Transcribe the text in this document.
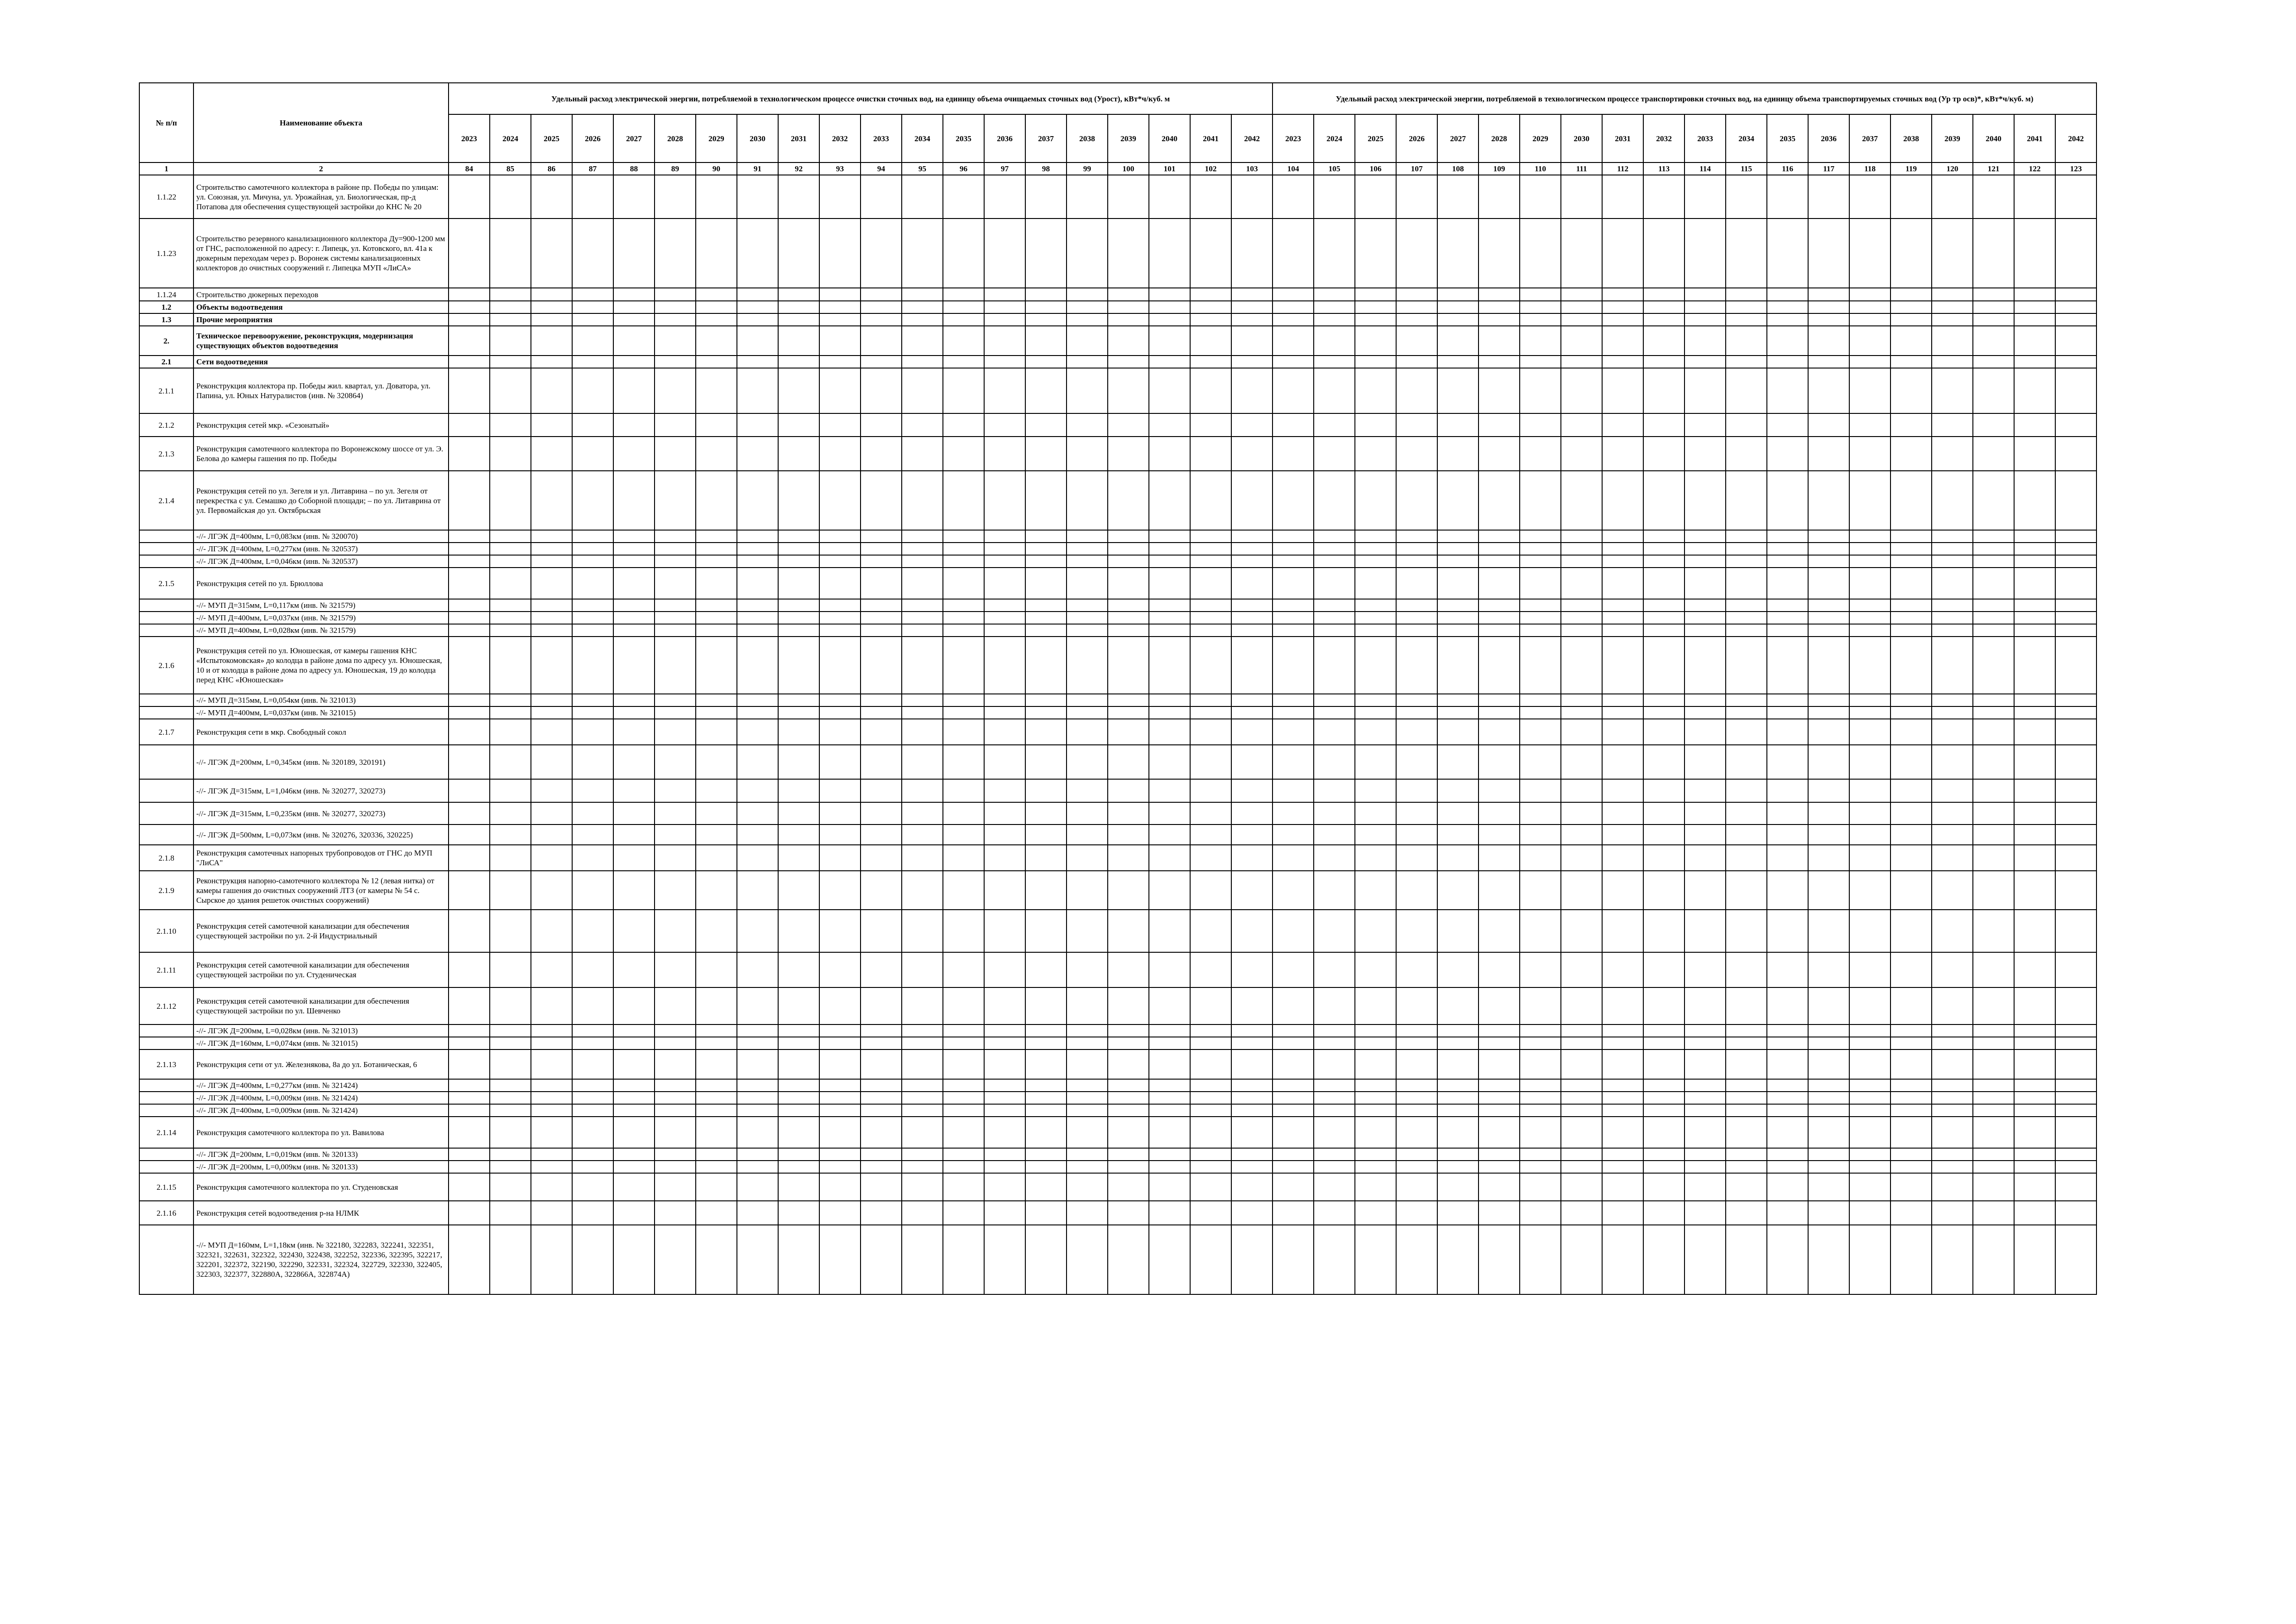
№ п/п	Наименование объекта	Удельный расход электрической энергии, потребляемой в технологическом процессе очистки сточных вод, на единицу объема очищаемых сточных вод (Урост), кВт*ч/куб. м																				Удельный расход электрической энергии, потребляемой в технологическом процессе транспортировки сточных вод, на единицу объема транспортируемых сточных вод (Ур тр осв)*, кВт*ч/куб. м)																			
		2023	2024	2025	2026	2027	2028	2029	2030	2031	2032	2033	2034	2035	2036	2037	2038	2039	2040	2041	2042	2023	2024	2025	2026	2027	2028	2029	2030	2031	2032	2033	2034	2035	2036	2037	2038	2039	2040	2041	2042
1	2	84	85	86	87	88	89	90	91	92	93	94	95	96	97	98	99	100	101	102	103	104	105	106	107	108	109	110	111	112	113	114	115	116	117	118	119	120	121	122	123
1.1.22	Строительство самотечного коллектора в районе пр. Победы по улицам: ул. Союзная, ул. Мичуна, ул. Урожайная, ул. Биологическая, пр-д Потапова для обеспечения существующей застройки до КНС № 20																																								
1.1.23	Строительство резервного канализационного коллектора Ду=900-1200 мм от ГНС, расположенной по адресу: г. Липецк, ул. Котовского, вл. 41а к дюкерным переходам через р. Воронеж системы канализационных коллекторов до очистных сооружений г. Липецка МУП «ЛиСА»																																								
1.1.24	Строительство дюкерных переходов																																								
1.2	Объекты водоотведения																																								
1.3	Прочие мероприятия																																								
2.	Техническое перевооружение, реконструкция, модернизация существующих объектов водоотведения																																								
2.1	Сети водоотведения																																								
2.1.1	Реконструкция коллектора пр. Победы жил. квартал, ул. Доватора, ул. Папина, ул. Юных Натуралистов (инв. № 320864)																																								
2.1.2	Реконструкция сетей мкр. «Сезонатый»																																								
2.1.3	Реконструкция самотечного коллектора по Воронежскому шоссе от ул. Э. Белова до камеры гашения по пр. Победы																																								
2.1.4	Реконструкция сетей по ул. Зегеля и ул. Литаврина – по ул. Зегеля от перекрестка с ул. Семашко до Соборной площади; – по ул. Литаврина от ул. Первомайская до ул. Октябрьская																																								
	-//- ЛГЭК Д=400мм, L=0,083км (инв. № 320070)																																								
	-//- ЛГЭК Д=400мм, L=0,277км (инв. № 320537)																																								
	-//- ЛГЭК Д=400мм, L=0,046км (инв. № 320537)																																								
2.1.5	Реконструкция сетей по ул. Брюллова																																								
	-//- МУП Д=315мм, L=0,117км (инв. № 321579)																																								
	-//- МУП Д=400мм, L=0,037км (инв. № 321579)																																								
	-//- МУП Д=400мм, L=0,028км (инв. № 321579)																																								
2.1.6	Реконструкция сетей по ул. Юношеская, от камеры гашения КНС «Испытокомовская» до колодца в районе дома по адресу ул. Юношеская, 10 и от колодца в районе дома по адресу ул. Юношеская, 19 до колодца перед КНС «Юношеская»																																								
	-//- МУП Д=315мм, L=0,054км (инв. № 321013)																																								
	-//- МУП Д=400мм, L=0,037км (инв. № 321015)																																								
2.1.7	Реконструкция сети в мкр. Свободный сокол																																								
	-//- ЛГЭК Д=200мм, L=0,345км (инв. № 320189, 320191)																																								
	-//- ЛГЭК Д=315мм, L=1,046км (инв. № 320277, 320273)																																								
	-//- ЛГЭК Д=315мм, L=0,235км (инв. № 320277, 320273)																																								
	-//- ЛГЭК Д=500мм, L=0,073км (инв. № 320276, 320336, 320225)																																								
2.1.8	Реконструкция самотечных напорных трубопроводов от ГНС до МУП "ЛиСА"																																								
2.1.9	Реконструкция напорно-самотечного коллектора № 12 (левая нитка) от камеры гашения до очистных сооружений ЛТЗ (от камеры № 54 с. Сырское до здания решеток очистных сооружений)																																								
2.1.10	Реконструкция сетей самотечной канализации для обеспечения существующей застройки по ул. 2-й Индустриальный																																								
2.1.11	Реконструкция сетей самотечной канализации для обеспечения существующей застройки по ул. Студеническая																																								
2.1.12	Реконструкция сетей самотечной канализации для обеспечения существующей застройки по ул. Шевченко																																								
	-//- ЛГЭК Д=200мм, L=0,028км (инв. № 321013)																																								
	-//- ЛГЭК Д=160мм, L=0,074км (инв. № 321015)																																								
2.1.13	Реконструкция сети от ул. Железнякова, 8а до ул. Ботаническая, 6																																								
	-//- ЛГЭК Д=400мм, L=0,277км (инв. № 321424)																																								
	-//- ЛГЭК Д=400мм, L=0,009км (инв. № 321424)																																								
	-//- ЛГЭК Д=400мм, L=0,009км (инв. № 321424)																																								
2.1.14	Реконструкция самотечного коллектора по ул. Вавилова																																								
	-//- ЛГЭК Д=200мм, L=0,019км (инв. № 320133)																																								
	-//- ЛГЭК Д=200мм, L=0,009км (инв. № 320133)																																								
2.1.15	Реконструкция самотечного коллектора по ул. Студеновская																																								
2.1.16	Реконструкция сетей водоотведения р-на НЛМК																																								
	-//- МУП Д=160мм, L=1,18км (инв. № 322180, 322283, 322241, 322351, 322321, 322631, 322322, 322430, 322438, 322252, 322336, 322395, 322217, 322201, 322372, 322190, 322290, 322331, 322324, 322729, 322330, 322405, 322303, 322377, 322880А, 322866А, 322874А)																																								
